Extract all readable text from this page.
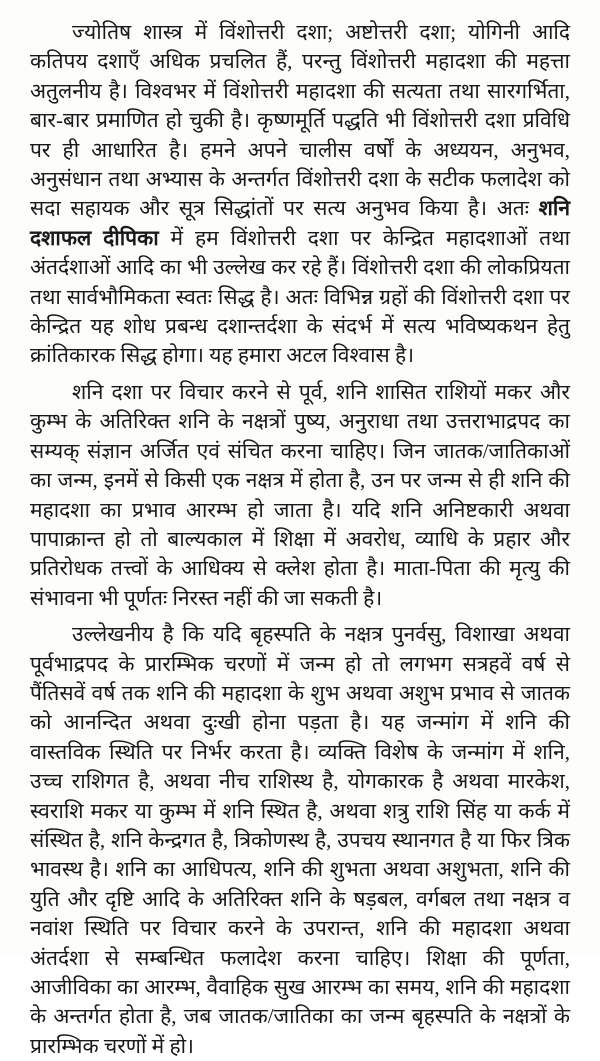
ज्योतिष शास्त्र में विंशोत्तरी दशा; अष्टोत्तरी दशा; योगिनी आदि कतिपय दशाएँ अधिक प्रचलित हैं, परन्तु विंशोत्तरी महादशा की महत्ता अतुलनीय है। विश्वभर में विंशोत्तरी महादशा की सत्यता तथा सारगर्भिता, बार-बार प्रमाणित हो चुकी है। कृष्णमूर्ति पद्धति भी विंशोत्तरी दशा प्रविधि पर ही आधारित है। हमने अपने चालीस वर्षों के अध्ययन, अनुभव, अनुसंधान तथा अभ्यास के अन्तर्गत विंशोत्तरी दशा के सटीक फलादेश को सदा सहायक और सूत्र सिद्धांतों पर सत्य अनुभव किया है। अतः शनि दशाफल दीपिका में हम विंशोत्तरी दशा पर केन्द्रित महादशाओं तथा अंतर्दशाओं आदि का भी उल्लेख कर रहे हैं। विंशोत्तरी दशा की लोकप्रियता तथा सार्वभौमिकता स्वतः सिद्ध है। अतः विभिन्न ग्रहों की विंशोत्तरी दशा पर केन्द्रित यह शोध प्रबन्ध दशान्तर्दशा के संदर्भ में सत्य भविष्यकथन हेतु क्रांतिकारक सिद्ध होगा। यह हमारा अटल विश्वास है।

शनि दशा पर विचार करने से पूर्व, शनि शासित राशियों मकर और कुम्भ के अतिरिक्त शनि के नक्षत्रों पुष्य, अनुराधा तथा उत्तराभाद्रपद का सम्यक् संज्ञान अर्जित एवं संचित करना चाहिए। जिन जातक/जातिकाओं का जन्म, इनमें से किसी एक नक्षत्र में होता है, उन पर जन्म से ही शनि की महादशा का प्रभाव आरम्भ हो जाता है। यदि शनि अनिष्टकारी अथवा पापाक्रान्त हो तो बाल्यकाल में शिक्षा में अवरोध, व्याधि के प्रहार और प्रतिरोधक तत्त्वों के आधिक्य से क्लेश होता है। माता-पिता की मृत्यु की संभावना भी पूर्णतः निरस्त नहीं की जा सकती है।

उल्लेखनीय है कि यदि बृहस्पति के नक्षत्र पुनर्वसु, विशाखा अथवा पूर्वभाद्रपद के प्रारम्भिक चरणों में जन्म हो तो लगभग सत्रहवें वर्ष से पैंतिसवें वर्ष तक शनि की महादशा के शुभ अथवा अशुभ प्रभाव से जातक को आनन्दित अथवा दुःखी होना पड़ता है। यह जन्मांग में शनि की वास्तविक स्थिति पर निर्भर करता है। व्यक्ति विशेष के जन्मांग में शनि, उच्च राशिगत है, अथवा नीच राशिस्थ है, योगकारक है अथवा मारकेश, स्वराशि मकर या कुम्भ में शनि स्थित है, अथवा शत्रु राशि सिंह या कर्क में संस्थित है, शनि केन्द्रगत है, त्रिकोणस्थ है, उपचय स्थानगत है या फिर त्रिक भावस्थ है। शनि का आधिपत्य, शनि की शुभता अथवा अशुभता, शनि की युति और दृष्टि आदि के अतिरिक्त शनि के षड़बल, वर्गबल तथा नक्षत्र व नवांश स्थिति पर विचार करने के उपरान्त, शनि की महादशा अथवा अंतर्दशा से सम्बन्धित फलादेश करना चाहिए। शिक्षा की पूर्णता, आजीविका का आरम्भ, वैवाहिक सुख आरम्भ का समय, शनि की महादशा के अन्तर्गत होता है, जब जातक/जातिका का जन्म बृहस्पति के नक्षत्रों के प्रारम्भिक चरणों में हो।
